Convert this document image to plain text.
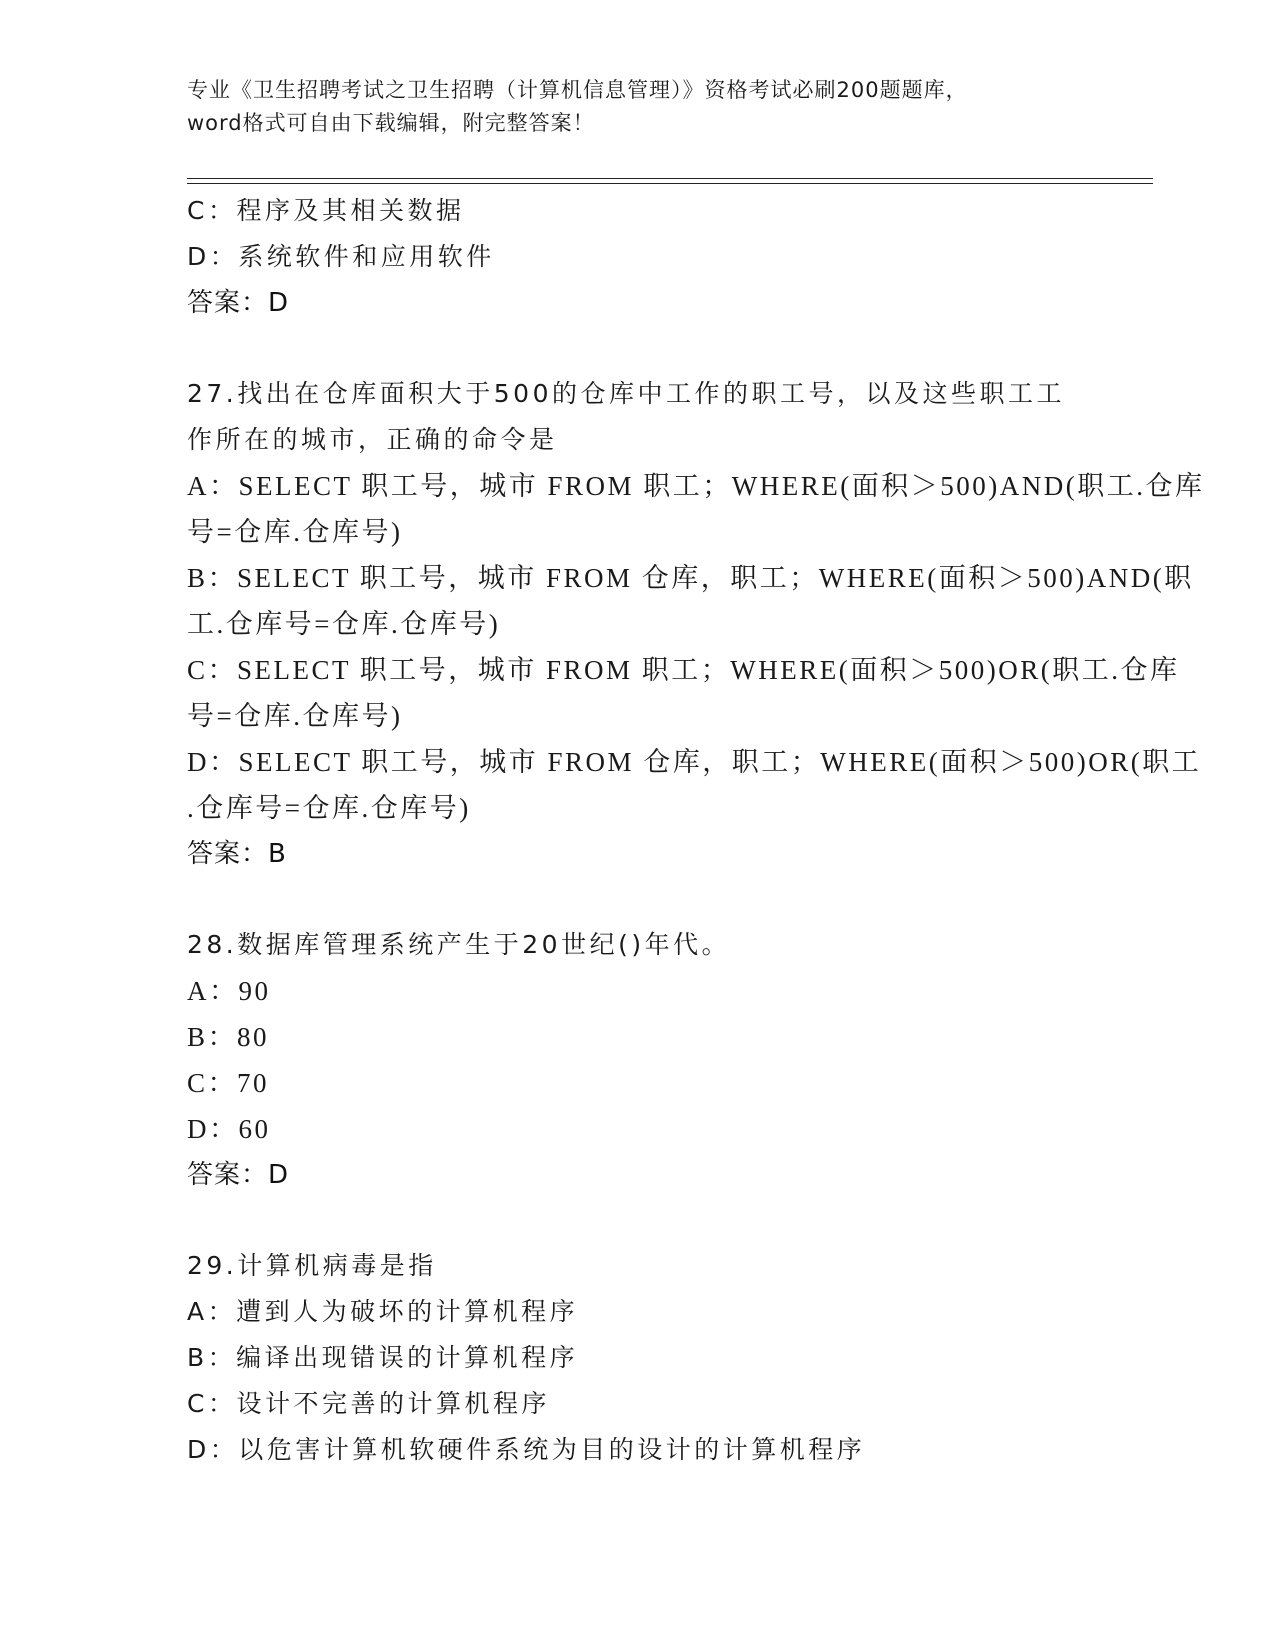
专业《卫生招聘考试之卫生招聘（计算机信息管理）》资格考试必刷200题题库，
word格式可自由下载编辑，附完整答案！
C：程序及其相关数据
D：系统软件和应用软件
答案：D
27.找出在仓库面积大于500的仓库中工作的职工号，以及这些职工工
作所在的城市，正确的命令是
A：SELECT 职工号，城市 FROM 职工；WHERE(面积＞500)AND(职工.仓库
号=仓库.仓库号)
B：SELECT 职工号，城市 FROM 仓库，职工；WHERE(面积＞500)AND(职
工.仓库号=仓库.仓库号)
C：SELECT 职工号，城市 FROM 职工；WHERE(面积＞500)OR(职工.仓库
号=仓库.仓库号)
D：SELECT 职工号，城市 FROM 仓库，职工；WHERE(面积＞500)OR(职工
.仓库号=仓库.仓库号)
答案：B
28.数据库管理系统产生于20世纪()年代。
A：90
B：80
C：70
D：60
答案：D
29.计算机病毒是指
A：遭到人为破坏的计算机程序
B：编译出现错误的计算机程序
C：设计不完善的计算机程序
D：以危害计算机软硬件系统为目的设计的计算机程序
